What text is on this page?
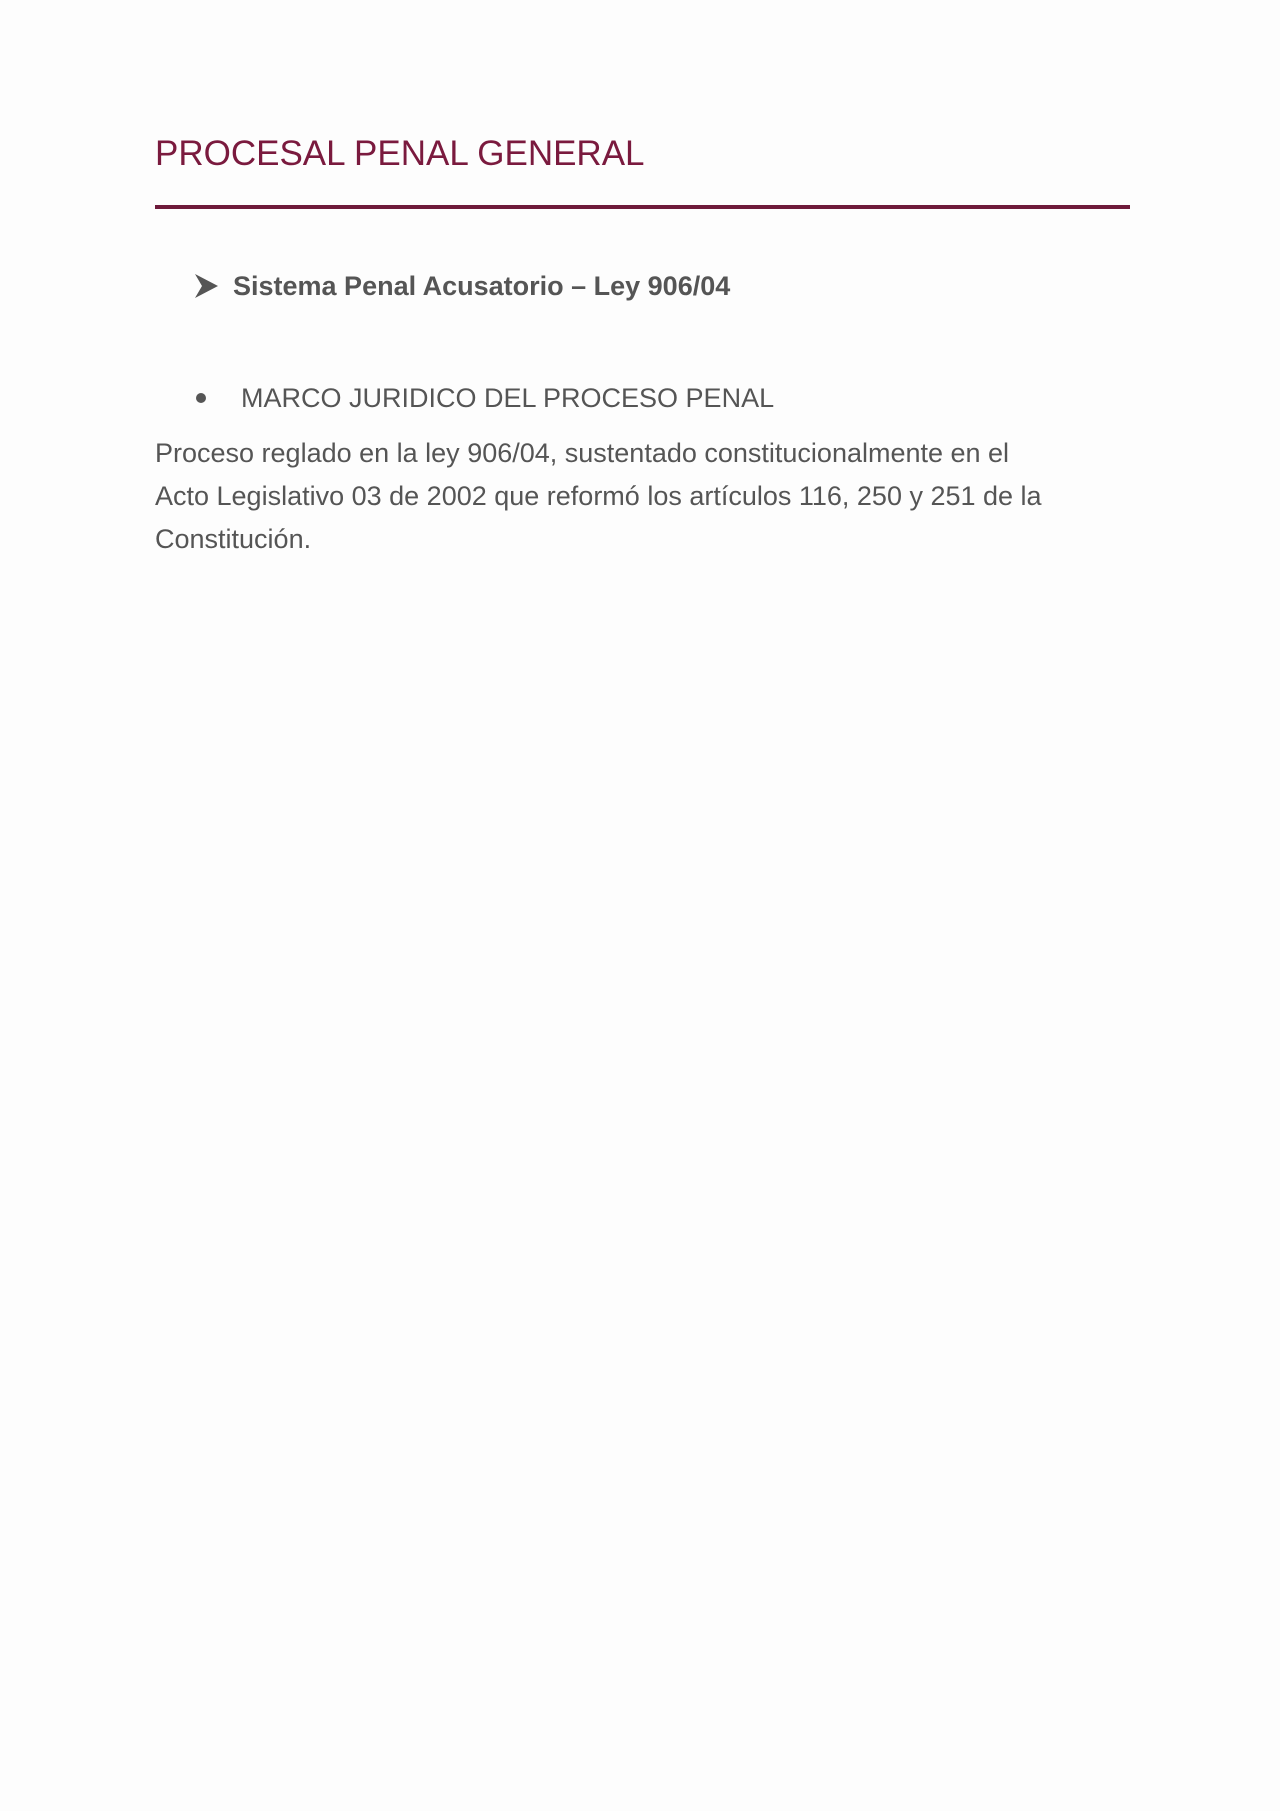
PROCESAL PENAL GENERAL
Sistema Penal Acusatorio – Ley 906/04
MARCO JURIDICO DEL PROCESO PENAL

Proceso reglado en la ley 906/04, sustentado constitucionalmente en el
Acto Legislativo 03 de 2002 que reformó los artículos 116, 250 y 251 de la
Constitución.
